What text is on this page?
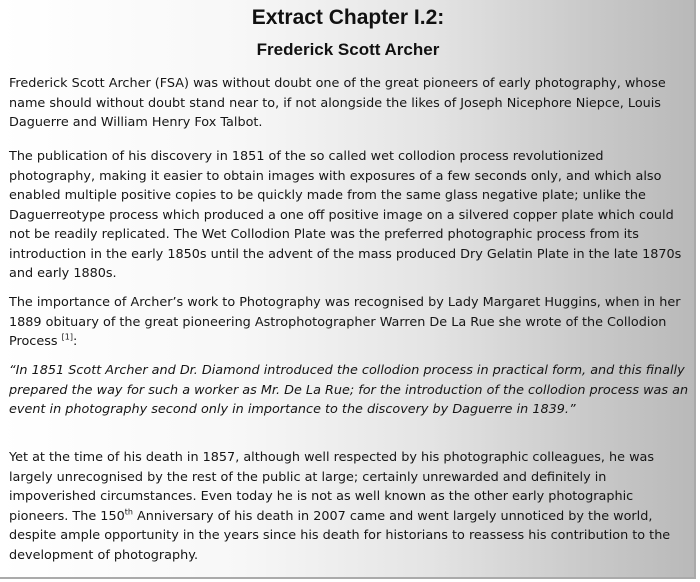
Extract Chapter I.2:
Frederick Scott Archer

Frederick Scott Archer (FSA) was without doubt one of the great pioneers of early photography, whose name should without doubt stand near to, if not alongside the likes of Joseph Nicephore Niepce, Louis Daguerre and William Henry Fox Talbot.

The publication of his discovery in 1851 of the so called wet collodion process revolutionized photography, making it easier to obtain images with exposures of a few seconds only, and which also enabled multiple positive copies to be quickly made from the same glass negative plate; unlike the Daguerreotype process which produced a one off positive image on a silvered copper plate which could not be readily replicated. The Wet Collodion Plate was the preferred photographic process from its introduction in the early 1850s until the advent of the mass produced Dry Gelatin Plate in the late 1870s and early 1880s.

The importance of Archer’s work to Photography was recognised by Lady Margaret Huggins, when in her 1889 obituary of the great pioneering Astrophotographer Warren De La Rue she wrote of the Collodion Process [1]:

“In 1851 Scott Archer and Dr. Diamond introduced the collodion process in practical form, and this finally prepared the way for such a worker as Mr. De La Rue; for the introduction of the collodion process was an event in photography second only in importance to the discovery by Daguerre in 1839.”

Yet at the time of his death in 1857, although well respected by his photographic colleagues, he was largely unrecognised by the rest of the public at large; certainly unrewarded and definitely in impoverished circumstances. Even today he is not as well known as the other early photographic pioneers. The 150th Anniversary of his death in 2007 came and went largely unnoticed by the world, despite ample opportunity in the years since his death for historians to reassess his contribution to the development of photography.
